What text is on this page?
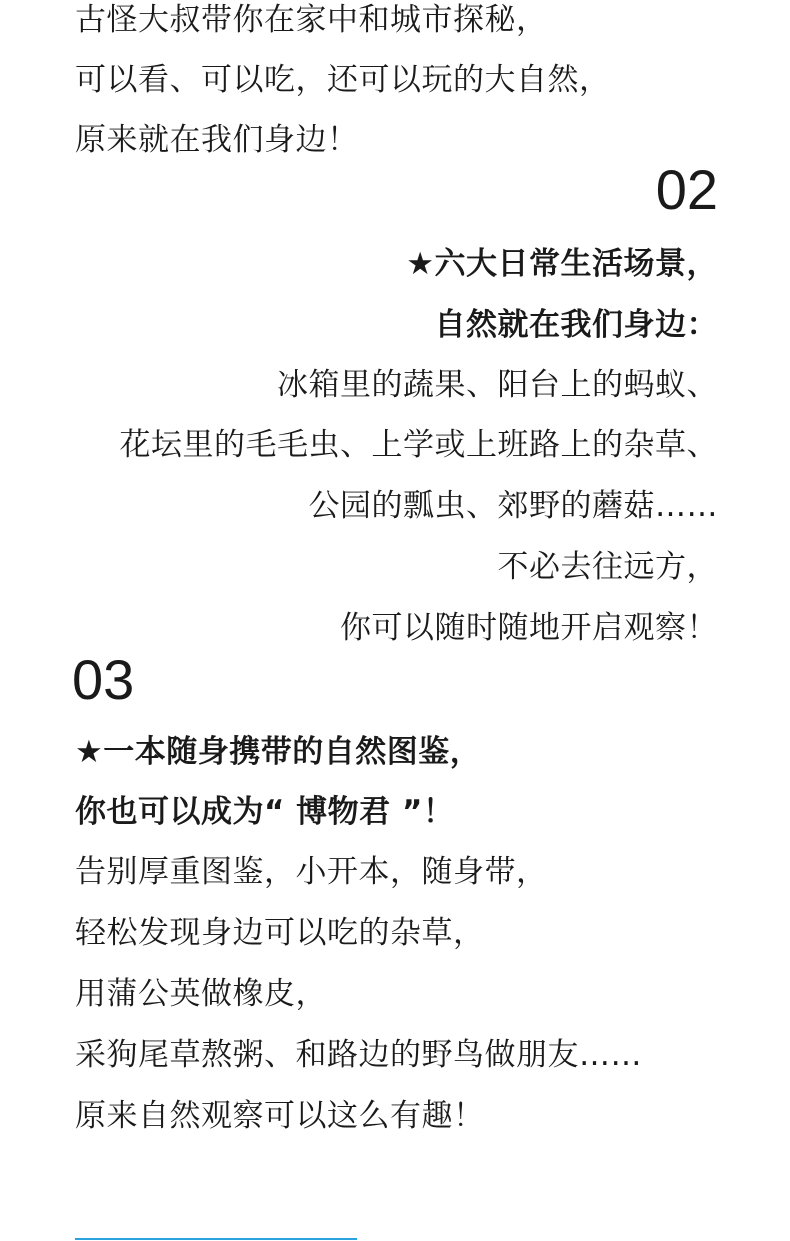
古怪大叔带你在家中和城市探秘，
可以看、可以吃，还可以玩的大自然，
原来就在我们身边！
02
★六大日常生活场景，
自然就在我们身边：
冰箱里的蔬果、阳台上的蚂蚁、
花坛里的毛毛虫、上学或上班路上的杂草、
公园的瓢虫、郊野的蘑菇……
不必去往远方，
你可以随时随地开启观察！
03
★一本随身携带的自然图鉴，
你也可以成为“ 博物君 ”！
告别厚重图鉴，小开本，随身带，
轻松发现身边可以吃的杂草，
用蒲公英做橡皮，
采狗尾草熬粥、和路边的野鸟做朋友……
原来自然观察可以这么有趣！
